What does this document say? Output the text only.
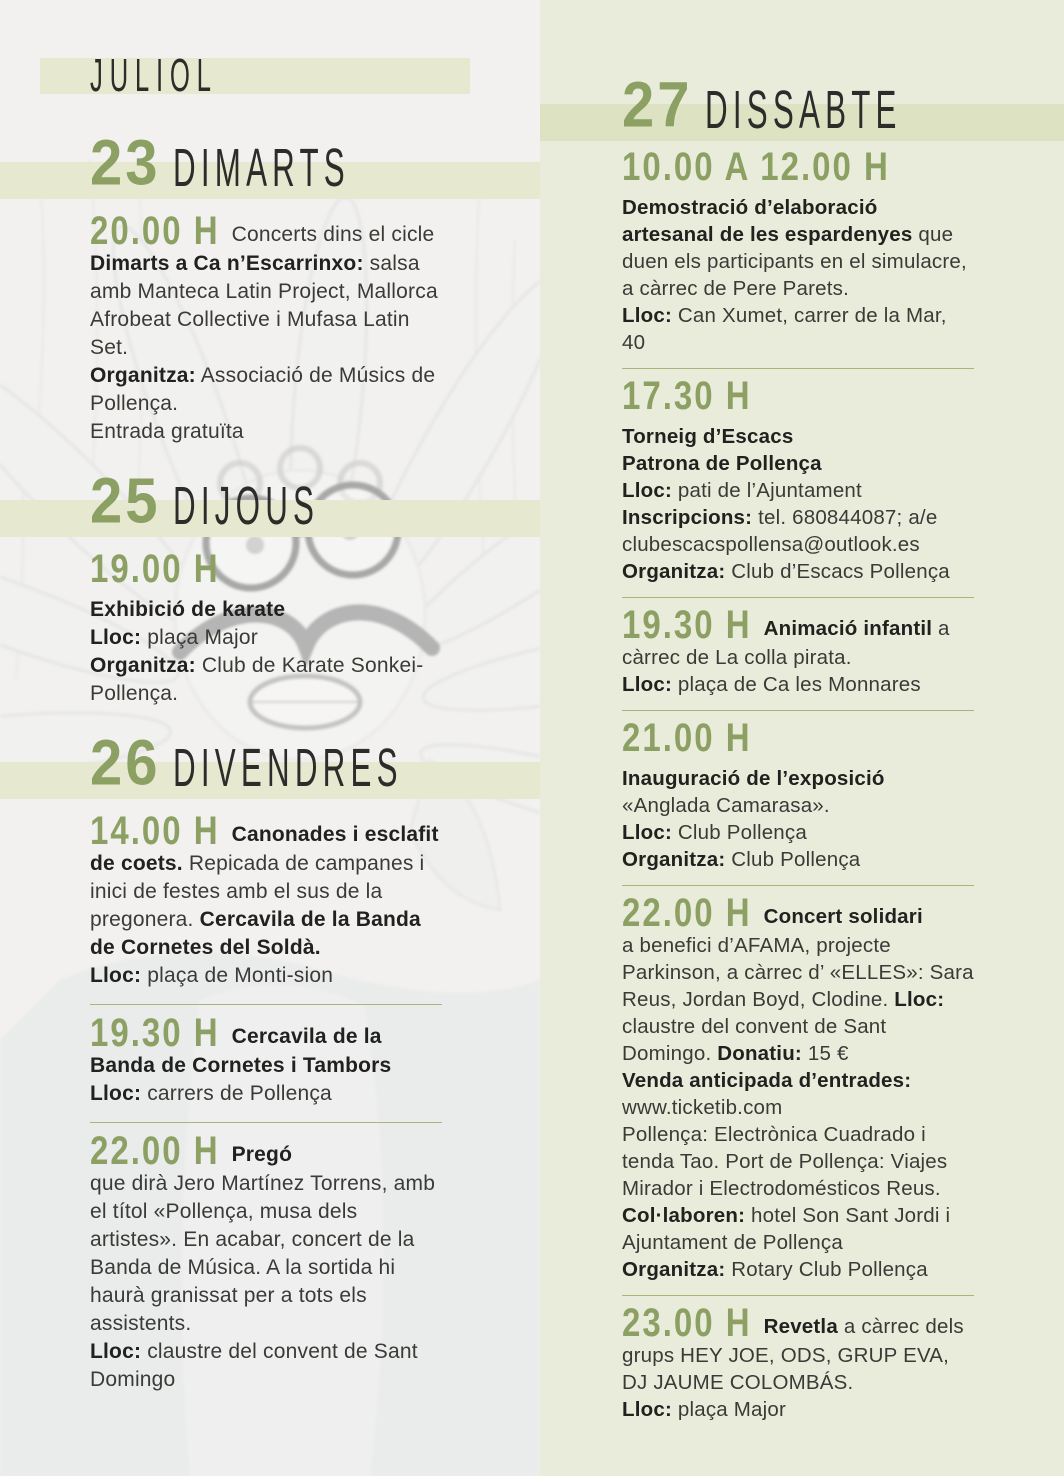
JULIOL
23 DIMARTS

20.00 H Concerts dins el cicle Dimarts a Ca n’Escarrinxo: salsa amb Manteca Latin Project, Mallorca Afrobeat Collective i Mufasa Latin Set.
Organitza: Associació de Músics de Pollença.
Entrada gratuïta

25 DIJOUS
19.00 H

Exhibició de karate
Lloc: plaça Major
Organitza: Club de Karate Sonkei-Pollença.

26 DIVENDRES

14.00 H Canonades i esclafit de coets. Repicada de campanes i inici de festes amb el sus de la pregonera. Cercavila de la Banda de Cornetes del Soldà.
Lloc: plaça de Monti-sion

19.30 H Cercavila de la Banda de Cornetes i Tambors
Lloc: carrers de Pollença

22.00 H Pregó
que dirà Jero Martínez Torrens, amb el títol «Pollença, musa dels artistes». En acabar, concert de la Banda de Música. A la sortida hi haurà granissat per a tots els assistents.
Lloc: claustre del convent de Sant Domingo

27 DISSABTE
10.00 A 12.00 H

Demostració d’elaboració artesanal de les espardenyes que duen els participants en el simulacre, a càrrec de Pere Parets.
Lloc: Can Xumet, carrer de la Mar, 40

17.30 H

Torneig d’Escacs
Patrona de Pollença
Lloc: pati de l’Ajuntament
Inscripcions: tel. 680844087; a/e clubescacspollensa@outlook.es
Organitza: Club d’Escacs Pollença

19.30 H Animació infantil a càrrec de La colla pirata.
Lloc: plaça de Ca les Monnares

21.00 H

Inauguració de l’exposició
«Anglada Camarasa».
Lloc: Club Pollença
Organitza: Club Pollença

22.00 H Concert solidari
a benefici d’AFAMA, projecte Parkinson, a càrrec d’ «ELLES»: Sara Reus, Jordan Boyd, Clodine. Lloc: claustre del convent de Sant Domingo. Donatiu: 15 €
Venda anticipada d’entrades:
www.ticketib.com
Pollença: Electrònica Cuadrado i tenda Tao. Port de Pollença: Viajes Mirador i Electrodomésticos Reus.
Col·laboren: hotel Son Sant Jordi i Ajuntament de Pollença
Organitza: Rotary Club Pollença

23.00 H Revetla a càrrec dels grups HEY JOE, ODS, GRUP EVA, DJ JAUME COLOMBÁS.
Lloc: plaça Major
